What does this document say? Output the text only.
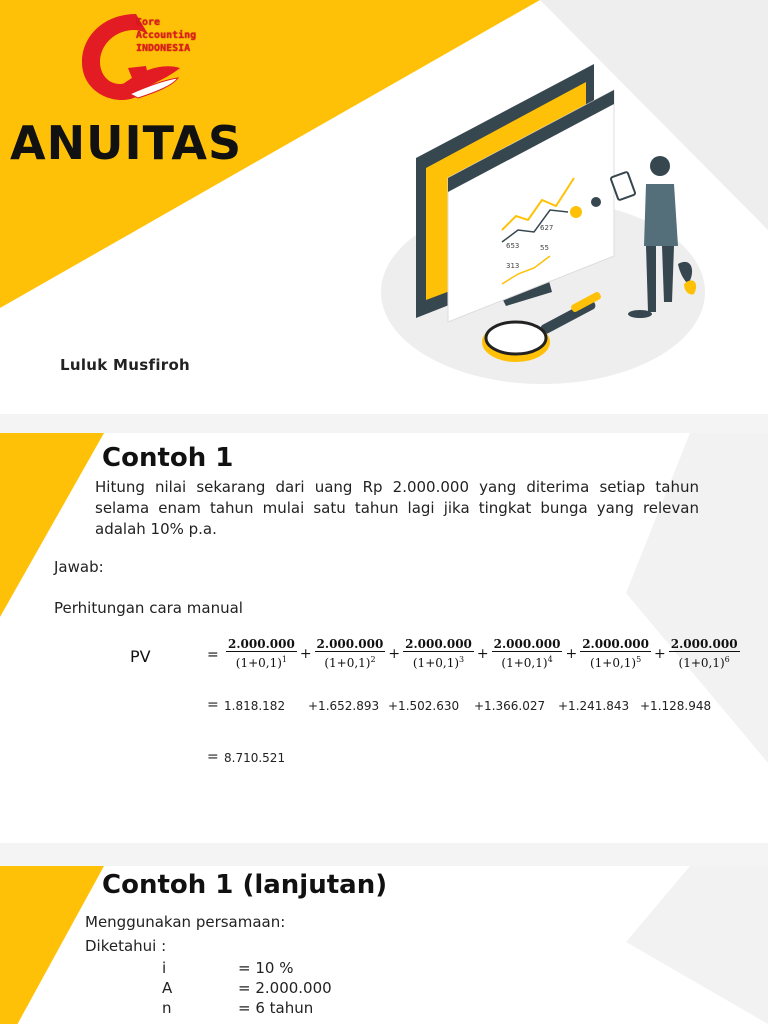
Core
Accounting
INDONESIA
ANUITAS
653
627
313
55
Luluk Musfiroh
Contoh 1
Hitung nilai sekarang dari uang Rp 2.000.000 yang diterima setiap tahun selama enam tahun mulai satu tahun lagi jika tingkat bunga yang relevan adalah 10% p.a.
Jawab:
Perhitungan cara manual
PV	= $\frac{2.000.000}{(1+0,1)^1} + \frac{2.000.000}{(1+0,1)^2} + \frac{2.000.000}{(1+0,1)^3} + \frac{2.000.000}{(1+0,1)^4} + \frac{2.000.000}{(1+0,1)^5} + \frac{2.000.000}{(1+0,1)^6}$
= 1.818.182 +1.652.893 +1.502.630 +1.366.027 +1.241.843 +1.128.948
= 8.710.521
Contoh 1 (lanjutan)
Menggunakan persamaan:
Diketahui :
i	= 10 %
A	= 2.000.000
n	= 6 tahun
